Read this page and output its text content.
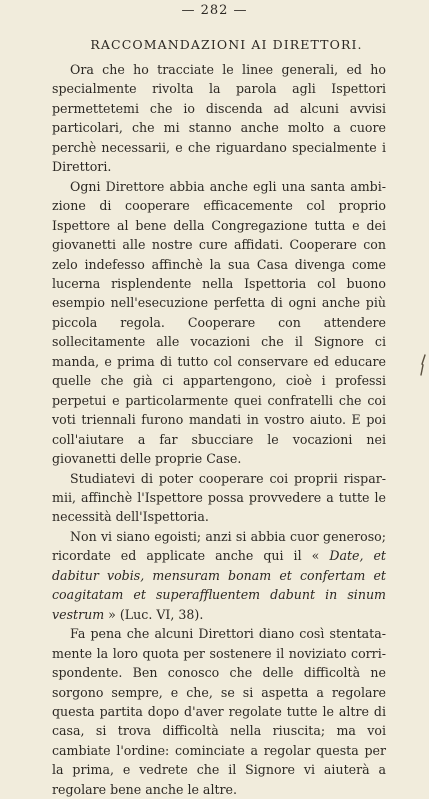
— 282 —
RACCOMANDAZIONI AI DIRETTORI.

Ora che ho tracciate le linee generali, ed ho specialmente rivolta la parola agli Ispettori permettetemi che io discenda ad alcuni avvisi particolari, che mi stanno anche molto a cuore perchè necessarii, e che riguardano specialmente i Direttori.

Ogni Direttore abbia anche egli una santa ambizione di cooperare efficacemente col proprio Ispettore al bene della Congregazione tutta e dei giovanetti alle nostre cure affidati. Cooperare con zelo indefesso affinchè la sua Casa divenga come lucerna risplendente nella Ispettoria col buono esempio nell'esecuzione perfetta di ogni anche più piccola regola. Cooperare con attendere sollecitamente alle vocazioni che il Signore ci manda, e prima di tutto col conservare ed educare quelle che già ci appartengono, cioè i professi perpetui e particolarmente quei confratelli che coi voti triennali furono mandati in vostro aiuto. E poi coll'aiutare a far sbucciare le vocazioni nei giovanetti delle proprie Case.

Studiatevi di poter cooperare coi proprii risparmii, affinchè l'Ispettore possa provvedere a tutte le necessità dell'Ispettoria.

Non vi siano egoisti; anzi si abbia cuor generoso; ricordate ed applicate anche qui il « Date, et dabitur vobis, mensuram bonam et confertam et coagitatam et superaffluentem dabunt in sinum vestrum » (Luc. VI, 38).

Fa pena che alcuni Direttori diano così stentatamente la loro quota per sostenere il noviziato corrispondente. Ben conosco che delle difficoltà ne sorgono sempre, e che, se si aspetta a regolare questa partita dopo d'aver regolate tutte le altre di casa, si trova difficoltà nella riuscita; ma voi cambiate l'ordine: cominciate a regolar questa per la prima, e vedrete che il Signore vi aiuterà a regolare bene anche le altre.
